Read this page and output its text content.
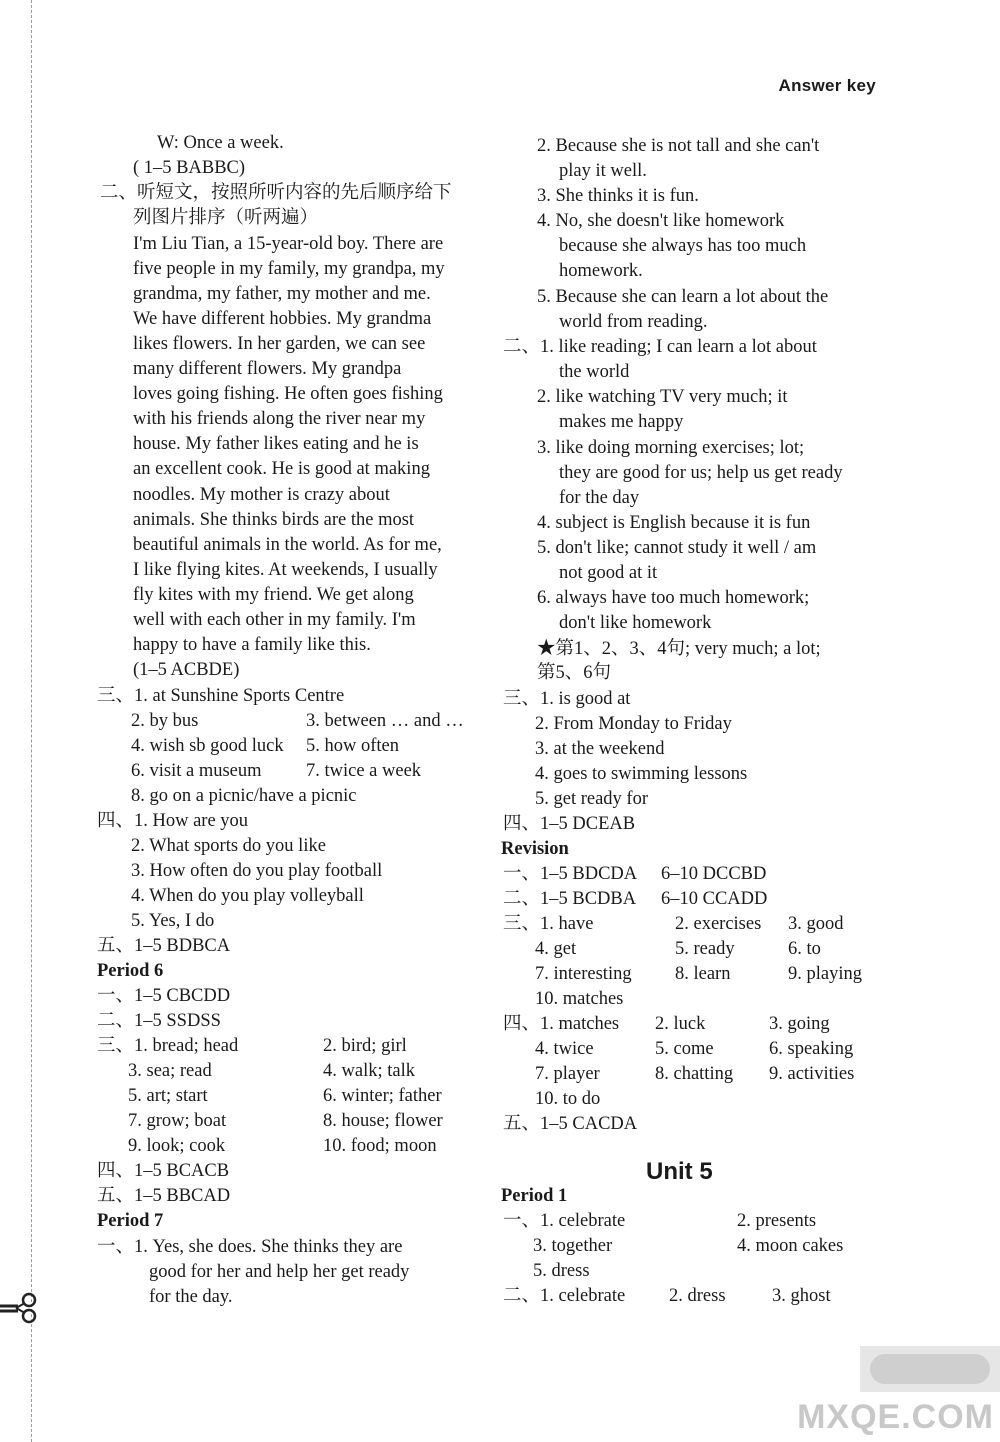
Answer key
W: Once a week.
( 1–5 BABBC)
二、听短文，按照所听内容的先后顺序给下
列图片排序（听两遍）
I'm Liu Tian, a 15-year-old boy. There are
five people in my family, my grandpa, my
grandma, my father, my mother and me.
We have different hobbies. My grandma
likes flowers. In her garden, we can see
many different flowers. My grandpa
loves going fishing. He often goes fishing
with his friends along the river near my
house. My father likes eating and he is
an excellent cook. He is good at making
noodles. My mother is crazy about
animals. She thinks birds are the most
beautiful animals in the world. As for me,
I like flying kites. At weekends, I usually
fly kites with my friend. We get along
well with each other in my family. I'm
happy to have a family like this.
(1–5 ACBDE)
三、1. at Sunshine Sports Centre
2. by bus	3. between … and …
4. wish sb good luck 5. how often
6. visit a museum 7. twice a week
8. go on a picnic/have a picnic
四、1. How are you
2. What sports do you like
3. How often do you play football
4. When do you play volleyball
5. Yes, I do
五、1–5 BDBCA
Period 6
一、1–5 CBCDD
二、1–5 SSDSS
三、1. bread; head	2. bird; girl
3. sea; read	4. walk; talk
5. art; start	6. winter; father
7. grow; boat	8. house; flower
9. look; cook	10. food; moon
四、1–5 BCACB
五、1–5 BBCAD
Period 7
一、1. Yes, she does. She thinks they are
good for her and help her get ready
for the day.
2. Because she is not tall and she can't
play it well.
3. She thinks it is fun.
4. No, she doesn't like homework
because she always has too much
homework.
5. Because she can learn a lot about the
world from reading.
二、1. like reading; I can learn a lot about
the world
2. like watching TV very much; it
makes me happy
3. like doing morning exercises; lot;
they are good for us; help us get ready
for the day
4. subject is English because it is fun
5. don't like; cannot study it well / am
not good at it
6. always have too much homework;
don't like homework
★第1、2、3、4句; very much; a lot;
第5、6句
三、1. is good at
2. From Monday to Friday
3. at the weekend
4. goes to swimming lessons
5. get ready for
四、1–5 DCEAB
Revision
一、1–5 BDCDA 6–10 DCCBD
二、1–5 BCDBA 6–10 CCADD
三、1. have	2. exercises 3. good
4. get	5. ready	6. to
7. interesting 8. learn	9. playing
10. matches
四、1. matches 2. luck	3. going
4. twice	5. come	6. speaking
7. player	8. chatting 9. activities
10. to do
五、1–5 CACDA
Period 1
一、1. celebrate	2. presents
3. together	4. moon cakes
5. dress
二、1. celebrate 2. dress	3. ghost
Unit 5
MXQE.COM
